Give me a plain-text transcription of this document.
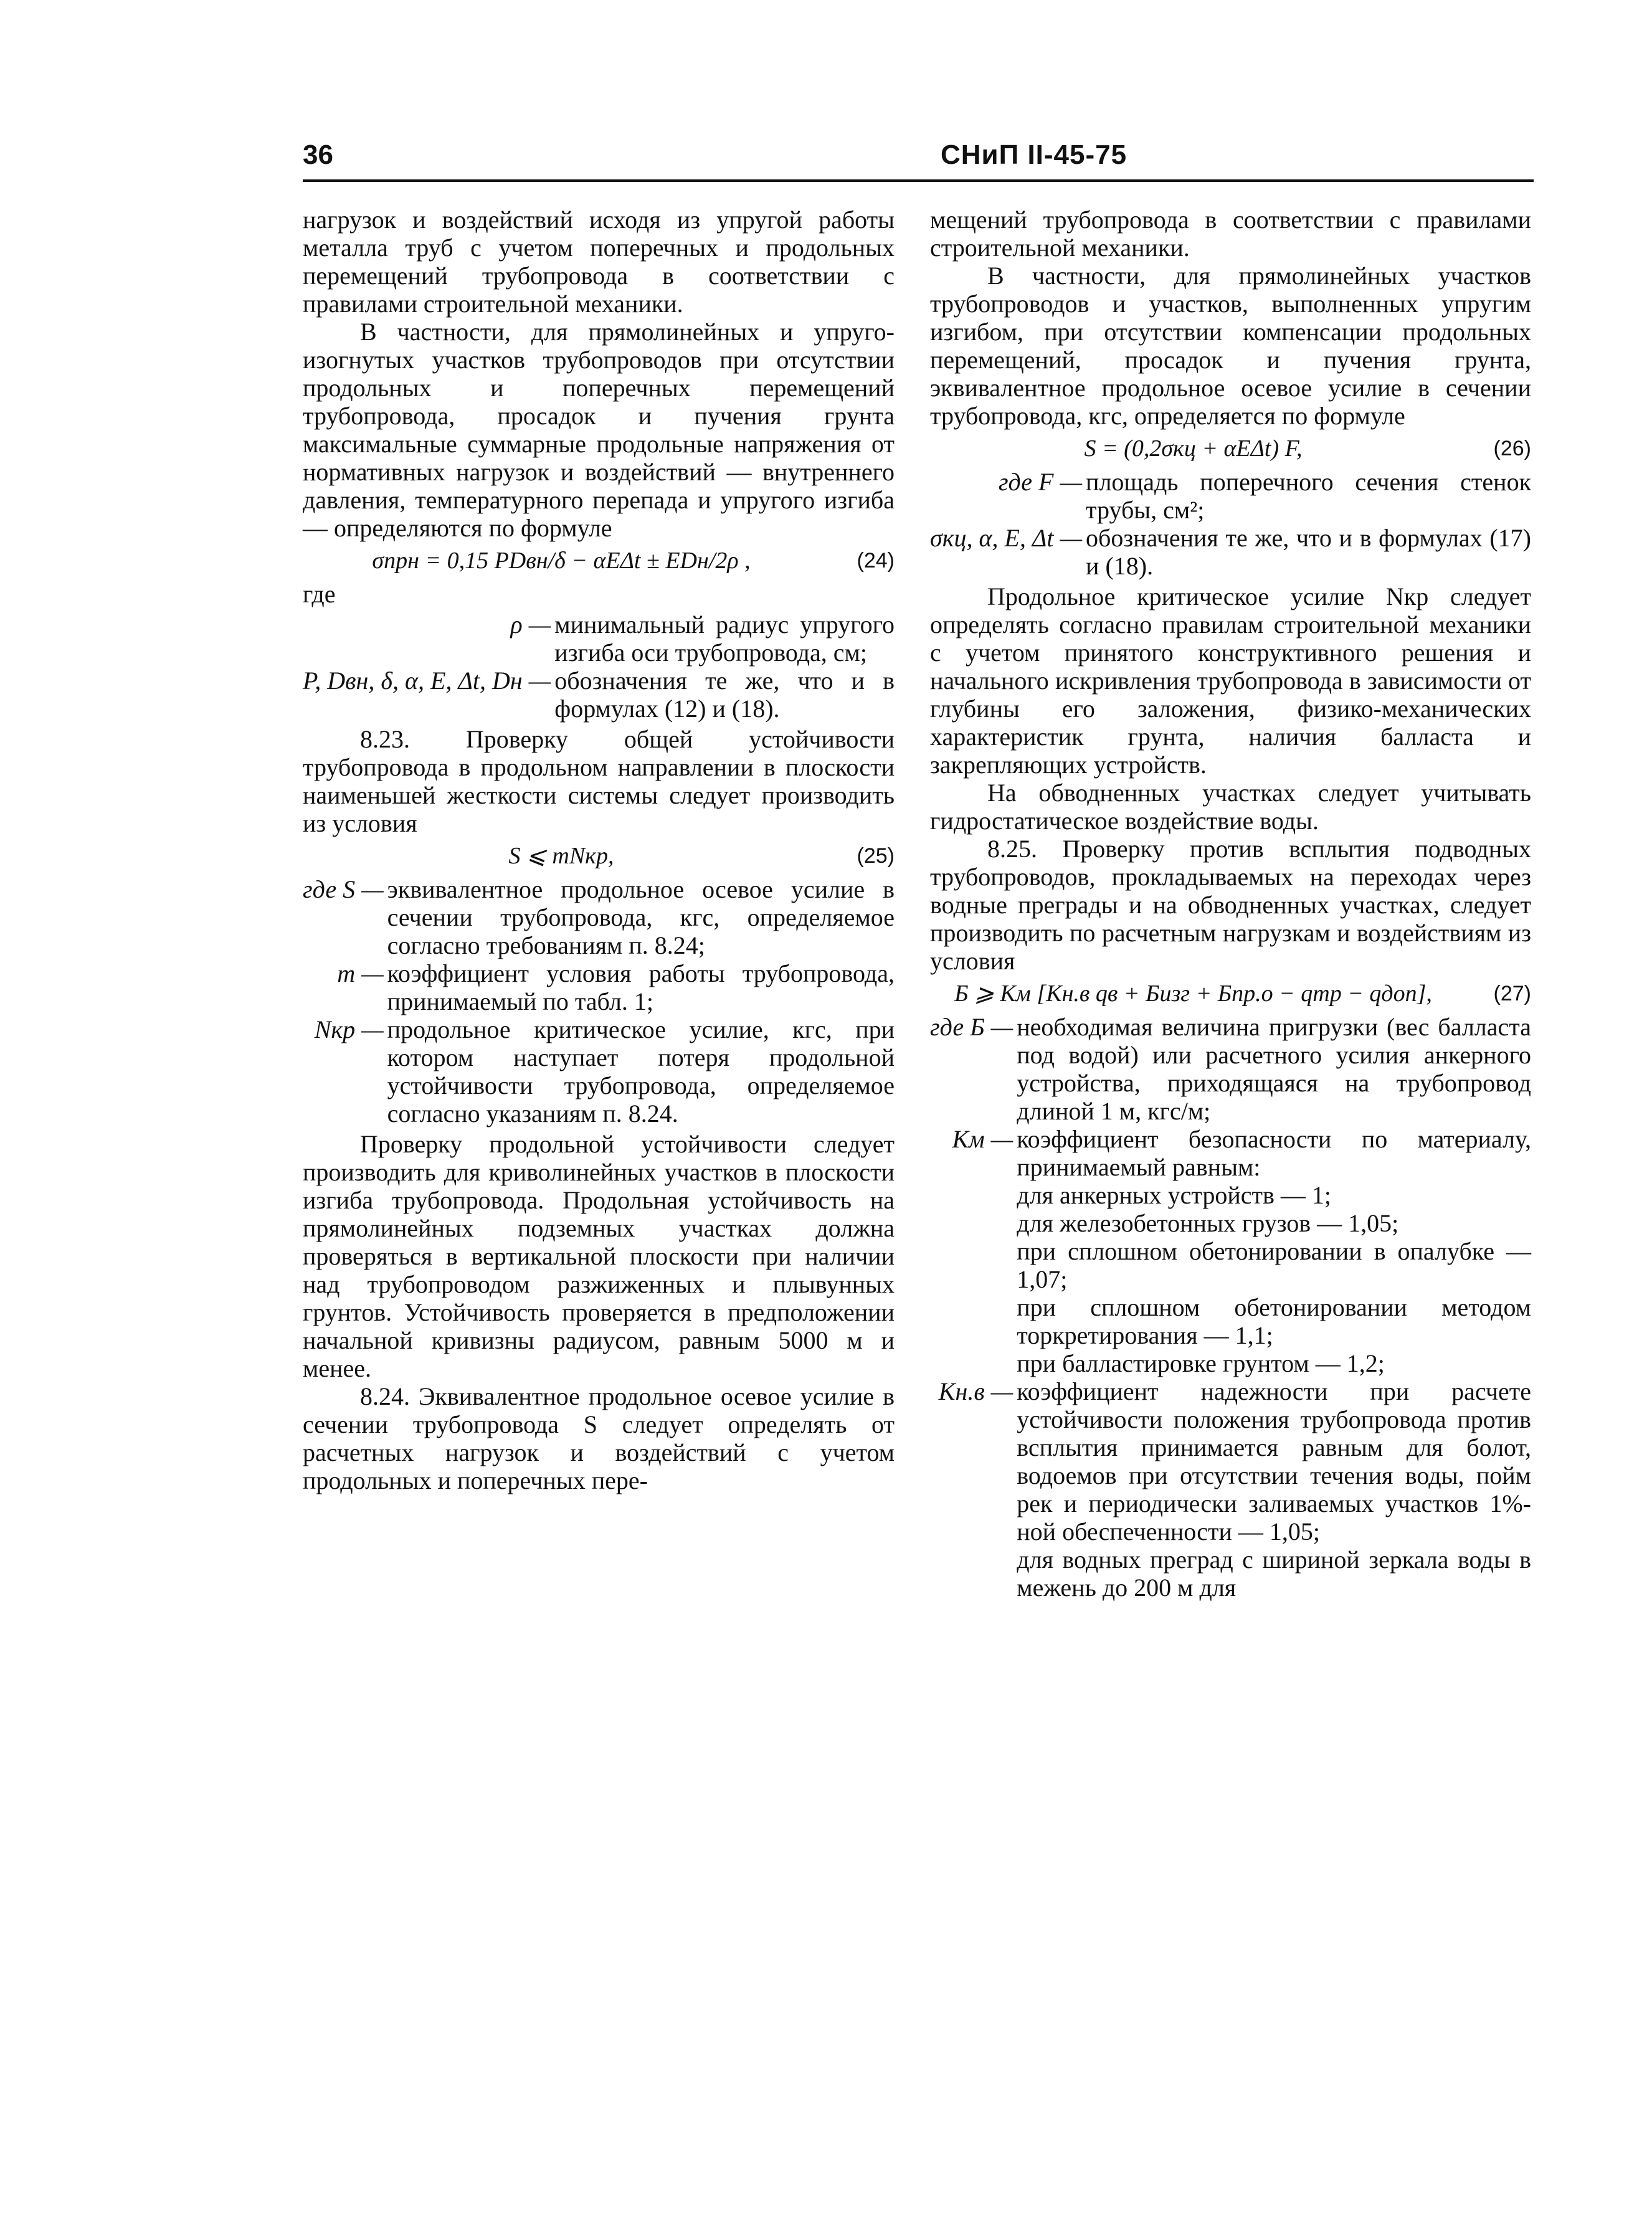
36	СНиП II-45-75

нагрузок и воздействий исходя из упругой работы металла труб с учетом поперечных и продольных перемещений трубопровода в соответствии с правилами строительной механики.

В частности, для прямолинейных и упруго-изогнутых участков трубопроводов при отсутствии продольных и поперечных перемещений трубопровода, просадок и пучения грунта максимальные суммарные продольные напряжения от нормативных нагрузок и воздействий — внутреннего давления, температурного перепада и упругого изгиба — определяются по формуле

σпрн = 0,15 PDвн/δ − αEΔt ± EDн/2ρ ,	(24)

где

ρ — минимальный радиус упругого изгиба оси трубопровода, см;
P, Dвн, δ, α, E, Δt, Dн — обозначения те же, что и в формулах (12) и (18).

8.23. Проверку общей устойчивости трубопровода в продольном направлении в плоскости наименьшей жесткости системы следует производить из условия

S ⩽ mNкр,	(25)
где S — эквивалентное продольное осевое усилие в сечении трубопровода, кгс, определяемое согласно требованиям п. 8.24;
m — коэффициент условия работы трубопровода, принимаемый по табл. 1;
Nкр — продольное критическое усилие, кгс, при котором наступает потеря продольной устойчивости трубопровода, определяемое согласно указаниям п. 8.24.

Проверку продольной устойчивости следует производить для криволинейных участков в плоскости изгиба трубопровода. Продольная устойчивость на прямолинейных подземных участках должна проверяться в вертикальной плоскости при наличии над трубопроводом разжиженных и плывунных грунтов. Устойчивость проверяется в предположении начальной кривизны радиусом, равным 5000 м и менее.

8.24. Эквивалентное продольное осевое усилие в сечении трубопровода S следует определять от расчетных нагрузок и воздействий с учетом продольных и поперечных пере-

мещений трубопровода в соответствии с правилами строительной механики.

В частности, для прямолинейных участков трубопроводов и участков, выполненных упругим изгибом, при отсутствии компенсации продольных перемещений, просадок и пучения грунта, эквивалентное продольное осевое усилие в сечении трубопровода, кгс, определяется по формуле

S = (0,2σкц + αEΔt) F,	(26)
где F — площадь поперечного сечения стенок трубы, см²;
σкц, α, E, Δt — обозначения те же, что и в формулах (17) и (18).

Продольное критическое усилие Nкр следует определять согласно правилам строительной механики с учетом принятого конструктивного решения и начального искривления трубопровода в зависимости от глубины его заложения, физико-механических характеристик грунта, наличия балласта и закрепляющих устройств.

На обводненных участках следует учитывать гидростатическое воздействие воды.

8.25. Проверку против всплытия подводных трубопроводов, прокладываемых на переходах через водные преграды и на обводненных участках, следует производить по расчетным нагрузкам и воздействиям из условия

Б ⩾ Kм [Kн.в qв + Бизг + Бпр.о − qтр − qдоп],	(27)
где Б — необходимая величина пригрузки (вес балласта под водой) или расчетного усилия анкерного устройства, приходящаяся на трубопровод длиной 1 м, кгс/м;
Kм — коэффициент безопасности по материалу, принимаемый равным:
для анкерных устройств — 1;
для железобетонных грузов — 1,05;
при сплошном обетонировании в опалубке — 1,07;
при сплошном обетонировании методом торкретирования — 1,1;
при балластировке грунтом — 1,2;
Kн.в — коэффициент надежности при расчете устойчивости положения трубопровода против всплытия принимается равным для болот, водоемов при отсутствии течения воды, пойм рек и периодически заливаемых участков 1%-ной обеспеченности — 1,05;
для водных преград с шириной зеркала воды в межень до 200 м для
